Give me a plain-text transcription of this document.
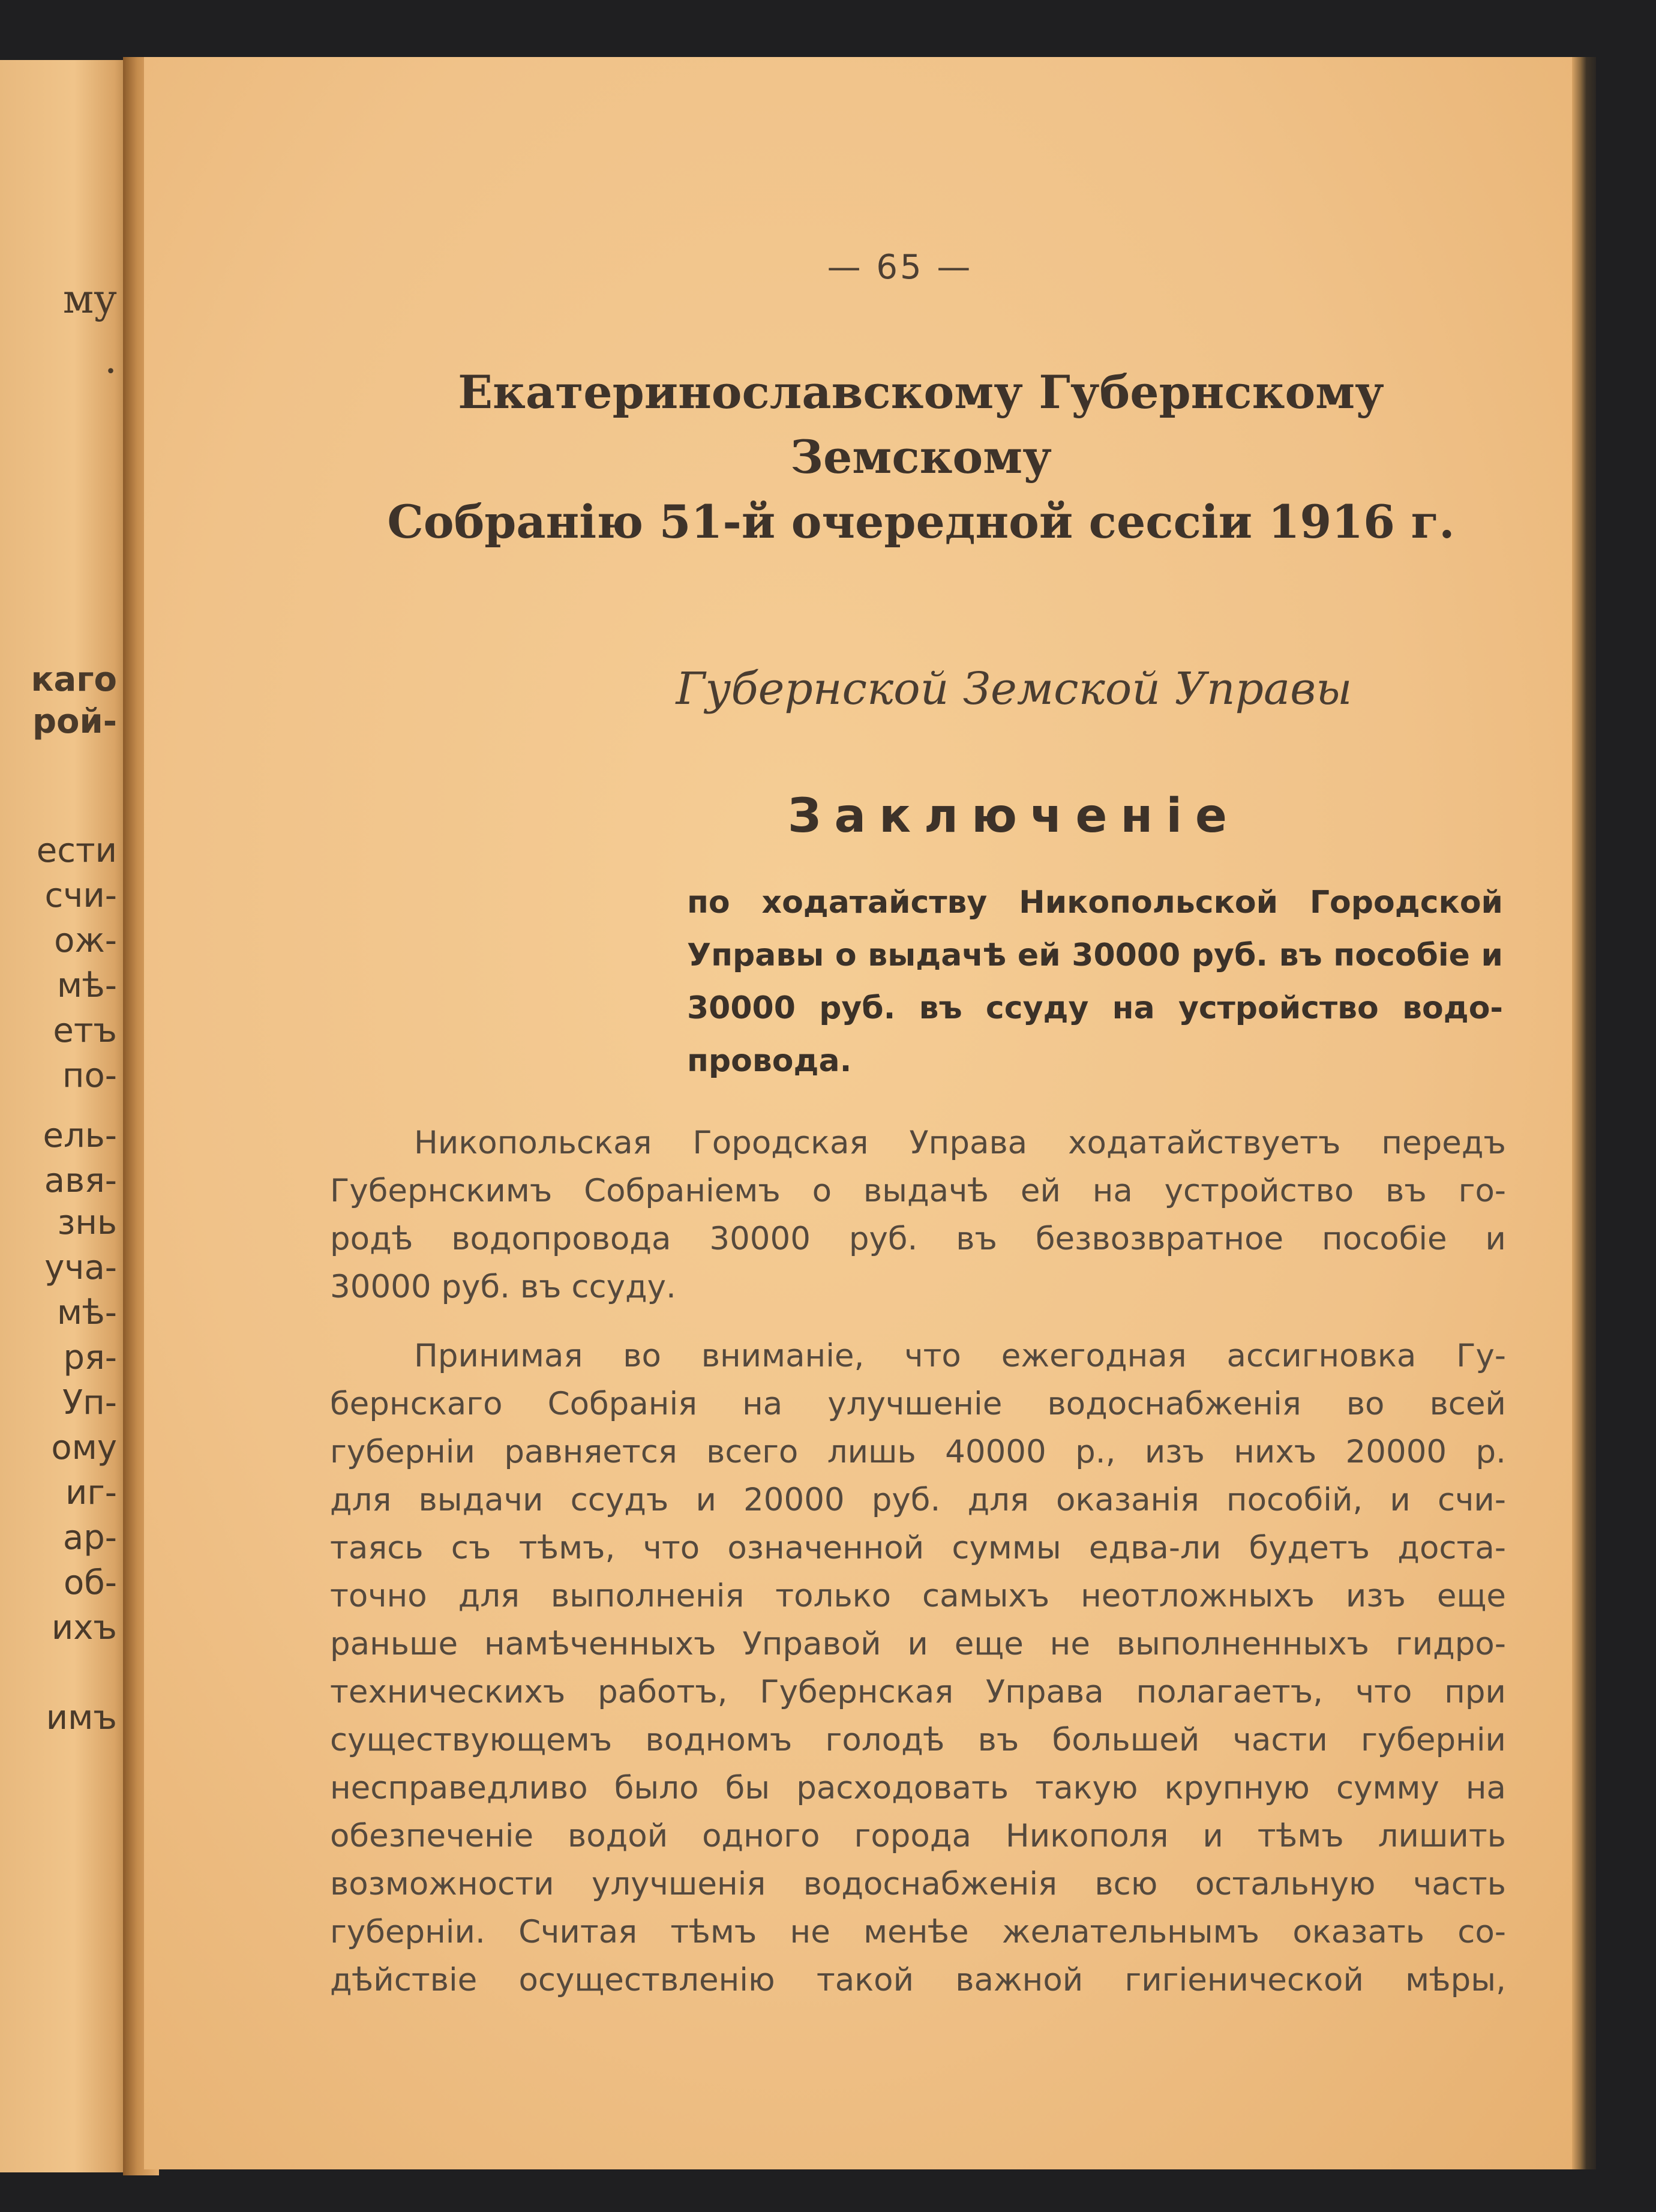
му
.
каго
рой-
ести
счи-
ож-
мѣ-
етъ
по-
ель-
авя-
знь
уча-
мѣ-
ря-
Уп-
ому
иг-
ар-
об-
ихъ
имъ
— 65 —
Екатеринославскому Губернскому Земскому
Собранію 51-й очередной сессіи 1916 г.
Губернской Земской Управы
Заключеніе
по ходатайству Никопольской Городской
Управы о выдачѣ ей 30000 руб. въ пособіе и
30000 руб. въ ссуду на устройство водо-
провода.
Никопольская Городская Управа ходатайствуетъ передъ
Губернскимъ Собраніемъ о выдачѣ ей на устройство въ го-
родѣ водопровода 30000 руб. въ безвозвратное пособіе и
30000 руб. въ ссуду.
Принимая во вниманіе, что ежегодная ассигновка Гу-
бернскаго Собранія на улучшеніе водоснабженія во всей
губерніи равняется всего лишь 40000 р., изъ нихъ 20000 р.
для выдачи ссудъ и 20000 руб. для оказанія пособій, и счи-
таясь съ тѣмъ, что означенной суммы едва-ли будетъ доста-
точно для выполненія только самыхъ неотложныхъ изъ еще
раньше намѣченныхъ Управой и еще не выполненныхъ гидро-
техническихъ работъ, Губернская Управа полагаетъ, что при
существующемъ водномъ голодѣ въ большей части губерніи
несправедливо было бы расходовать такую крупную сумму на
обезпеченіе водой одного города Никополя и тѣмъ лишить
возможности улучшенія водоснабженія всю остальную часть
губерніи. Считая тѣмъ не менѣе желательнымъ оказать со-
дѣйствіе осуществленію такой важной гигіенической мѣры,
